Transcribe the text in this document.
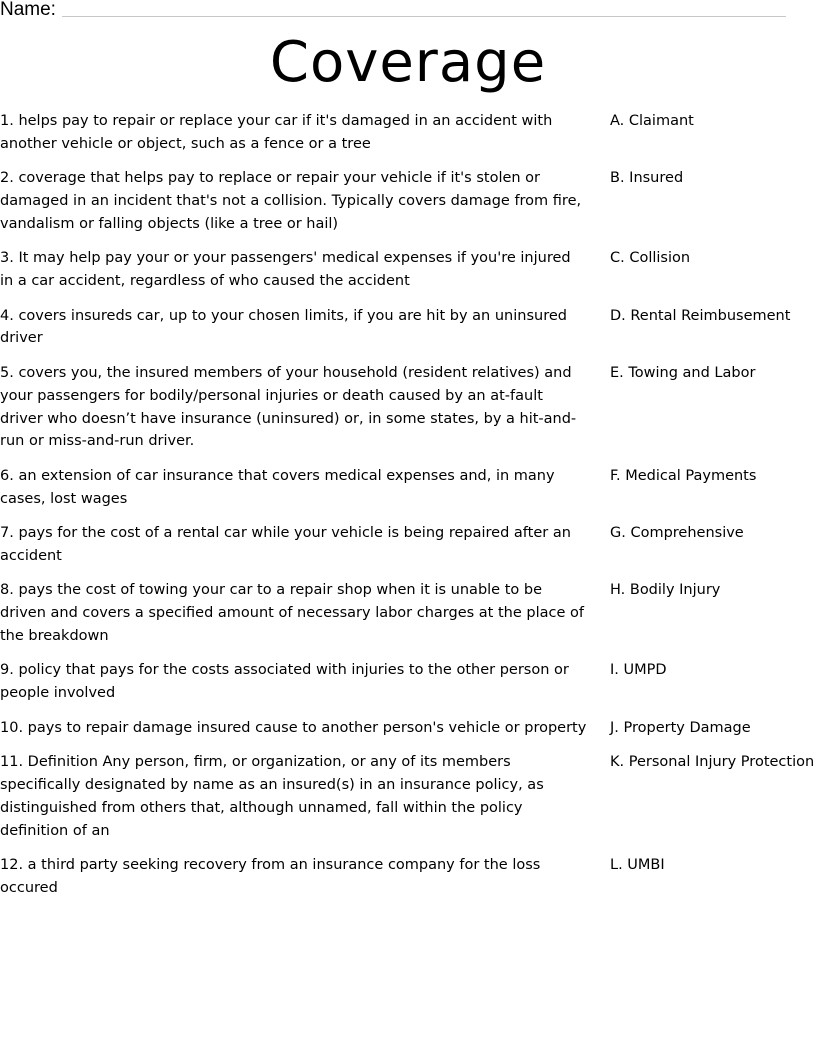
Name:
Coverage
1. helps pay to repair or replace your car if it's damaged in an accident with another vehicle or object, such as a fence or a tree
A. Claimant
2. coverage that helps pay to replace or repair your vehicle if it's stolen or damaged in an incident that's not a collision. Typically covers damage from fire, vandalism or falling objects (like a tree or hail)
B. Insured
3. It may help pay your or your passengers' medical expenses if you're injured in a car accident, regardless of who caused the accident
C. Collision
4. covers insureds car, up to your chosen limits, if you are hit by an uninsured driver
D. Rental Reimbusement
5. covers you, the insured members of your household (resident relatives) and your passengers for bodily/personal injuries or death caused by an at-fault driver who doesn’t have insurance (uninsured) or, in some states, by a hit-and-run or miss-and-run driver.
E. Towing and Labor
6. an extension of car insurance that covers medical expenses and, in many cases, lost wages
F. Medical Payments
7. pays for the cost of a rental car while your vehicle is being repaired after an accident
G. Comprehensive
8. pays the cost of towing your car to a repair shop when it is unable to be driven and covers a specified amount of necessary labor charges at the place of the breakdown
H. Bodily Injury
9. policy that pays for the costs associated with injuries to the other person or people involved
I. UMPD
10. pays to repair damage insured cause to another person's vehicle or property J. Property Damage
11. Definition Any person, firm, or organization, or any of its members specifically designated by name as an insured(s) in an insurance policy, as distinguished from others that, although unnamed, fall within the policy definition of an
K. Personal Injury Protection
12. a third party seeking recovery from an insurance company for the loss occured
L. UMBI
